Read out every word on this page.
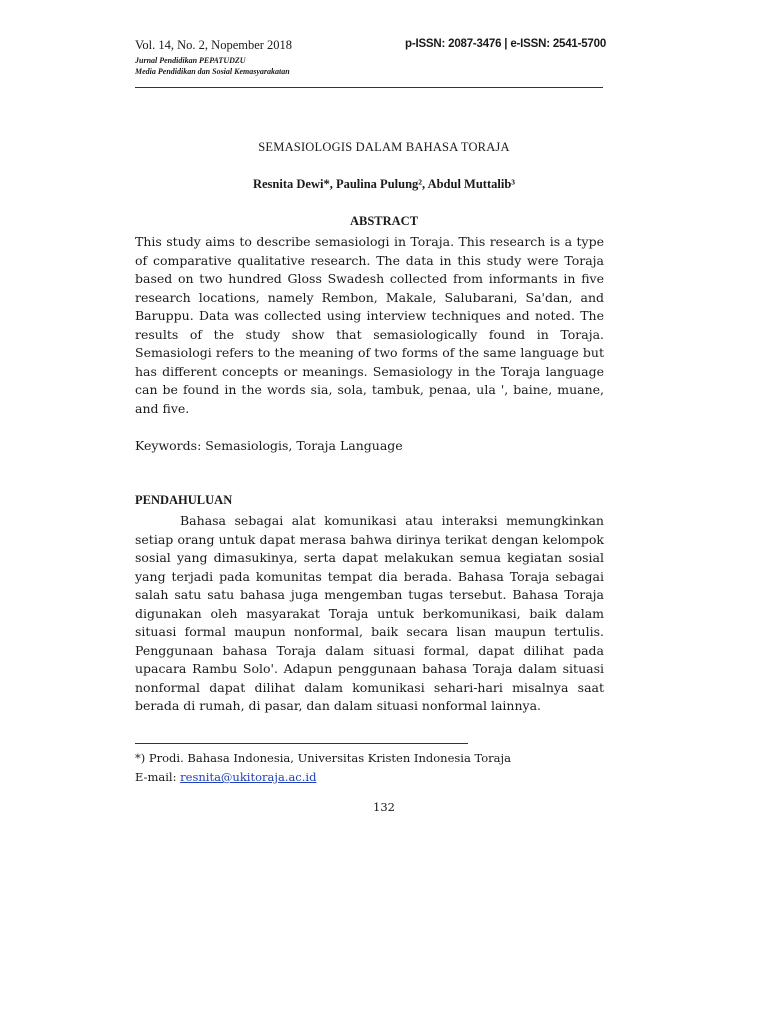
Vol. 14, No. 2, Nopember 2018	p-ISSN: 2087-3476 | e-ISSN: 2541-5700
Jurnal Pendidikan PEPATUDZU
Media Pendidikan dan Sosial Kemasyarakatan
SEMASIOLOGIS DALAM BAHASA TORAJA
Resnita Dewi*, Paulina Pulung², Abdul Muttalib³
ABSTRACT
This study aims to describe semasiologi in Toraja. This research is a type of comparative qualitative research. The data in this study were Toraja based on two hundred Gloss Swadesh collected from informants in five research locations, namely Rembon, Makale, Salubarani, Sa'dan, and Baruppu. Data was collected using interview techniques and noted. The results of the study show that semasiologically found in Toraja. Semasiologi refers to the meaning of two forms of the same language but has different concepts or meanings. Semasiology in the Toraja language can be found in the words sia, sola, tambuk, penaa, ula ', baine, muane, and five.
Keywords: Semasiologis, Toraja Language
PENDAHULUAN
Bahasa sebagai alat komunikasi atau interaksi memungkinkan setiap orang untuk dapat merasa bahwa dirinya terikat dengan kelompok sosial yang dimasukinya, serta dapat melakukan semua kegiatan sosial yang terjadi pada komunitas tempat dia berada. Bahasa Toraja sebagai salah satu satu bahasa juga mengemban tugas tersebut. Bahasa Toraja digunakan oleh masyarakat Toraja untuk berkomunikasi, baik dalam situasi formal maupun nonformal, baik secara lisan maupun tertulis. Penggunaan bahasa Toraja dalam situasi formal, dapat dilihat pada upacara Rambu Solo'. Adapun penggunaan bahasa Toraja dalam situasi nonformal dapat dilihat dalam komunikasi sehari-hari misalnya saat berada di rumah, di pasar, dan dalam situasi nonformal lainnya.
*) Prodi. Bahasa Indonesia, Universitas Kristen Indonesia Toraja
E-mail: resnita@ukitoraja.ac.id
132
